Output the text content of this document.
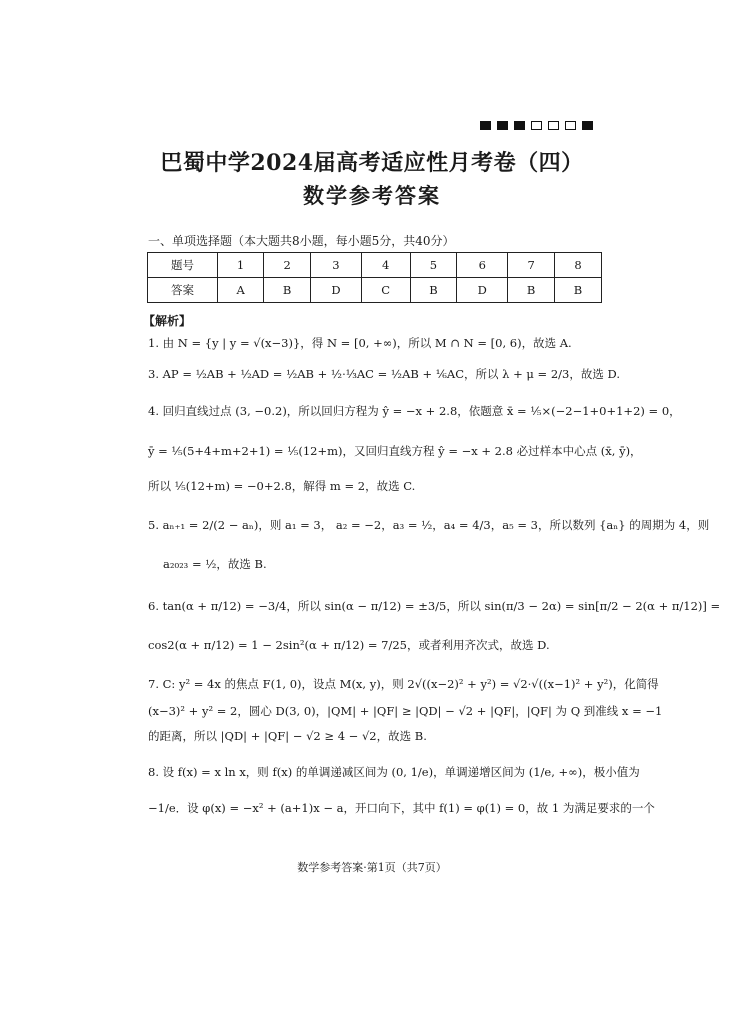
巴蜀中学2024届高考适应性月考卷（四）
数学参考答案
一、单项选择题（本大题共8小题，每小题5分，共40分）
题号	1	2	3	4	5	6	7	8
答案	A	B	D	C	B	D	B	B
【解析】
1. 由 N = {y | y = √(x−3)}，得 N = [0, +∞)，所以 M ∩ N = [0, 6)，故选 A.
3. AP = ½AB + ½AD = ½AB + ½·⅓AC = ½AB + ⅙AC，所以 λ + μ = 2/3，故选 D.
4. 回归直线过点 (3, −0.2)，所以回归方程为 ŷ = −x + 2.8，依题意 x̄ = ⅕×(−2−1+0+1+2) = 0，
ȳ = ⅕(5+4+m+2+1) = ⅕(12+m)，又回归直线方程 ŷ = −x + 2.8 必过样本中心点 (x̄, ȳ)，
所以 ⅕(12+m) = −0+2.8，解得 m = 2，故选 C.
5. aₙ₊₁ = 2/(2 − aₙ)，则 a₁ = 3， a₂ = −2，a₃ = ½，a₄ = 4/3，a₅ = 3，所以数列 {aₙ} 的周期为 4，则
a₂₀₂₃ = ½，故选 B.
6. tan(α + π/12) = −3/4，所以 sin(α − π/12) = ±3/5，所以 sin(π/3 − 2α) = sin[π/2 − 2(α + π/12)] =
cos2(α + π/12) = 1 − 2sin²(α + π/12) = 7/25，或者利用齐次式，故选 D.
7. C: y² = 4x 的焦点 F(1, 0)，设点 M(x, y)，则 2√((x−2)² + y²) = √2·√((x−1)² + y²)，化简得
(x−3)² + y² = 2，圆心 D(3, 0)，|QM| + |QF| ≥ |QD| − √2 + |QF|，|QF| 为 Q 到准线 x = −1
的距离，所以 |QD| + |QF| − √2 ≥ 4 − √2，故选 B.
8. 设 f(x) = x ln x，则 f(x) 的单调递减区间为 (0, 1/e)，单调递增区间为 (1/e, +∞)，极小值为
−1/e．设 φ(x) = −x² + (a+1)x − a，开口向下，其中 f(1) = φ(1) = 0，故 1 为满足要求的一个
数学参考答案·第1页（共7页）
